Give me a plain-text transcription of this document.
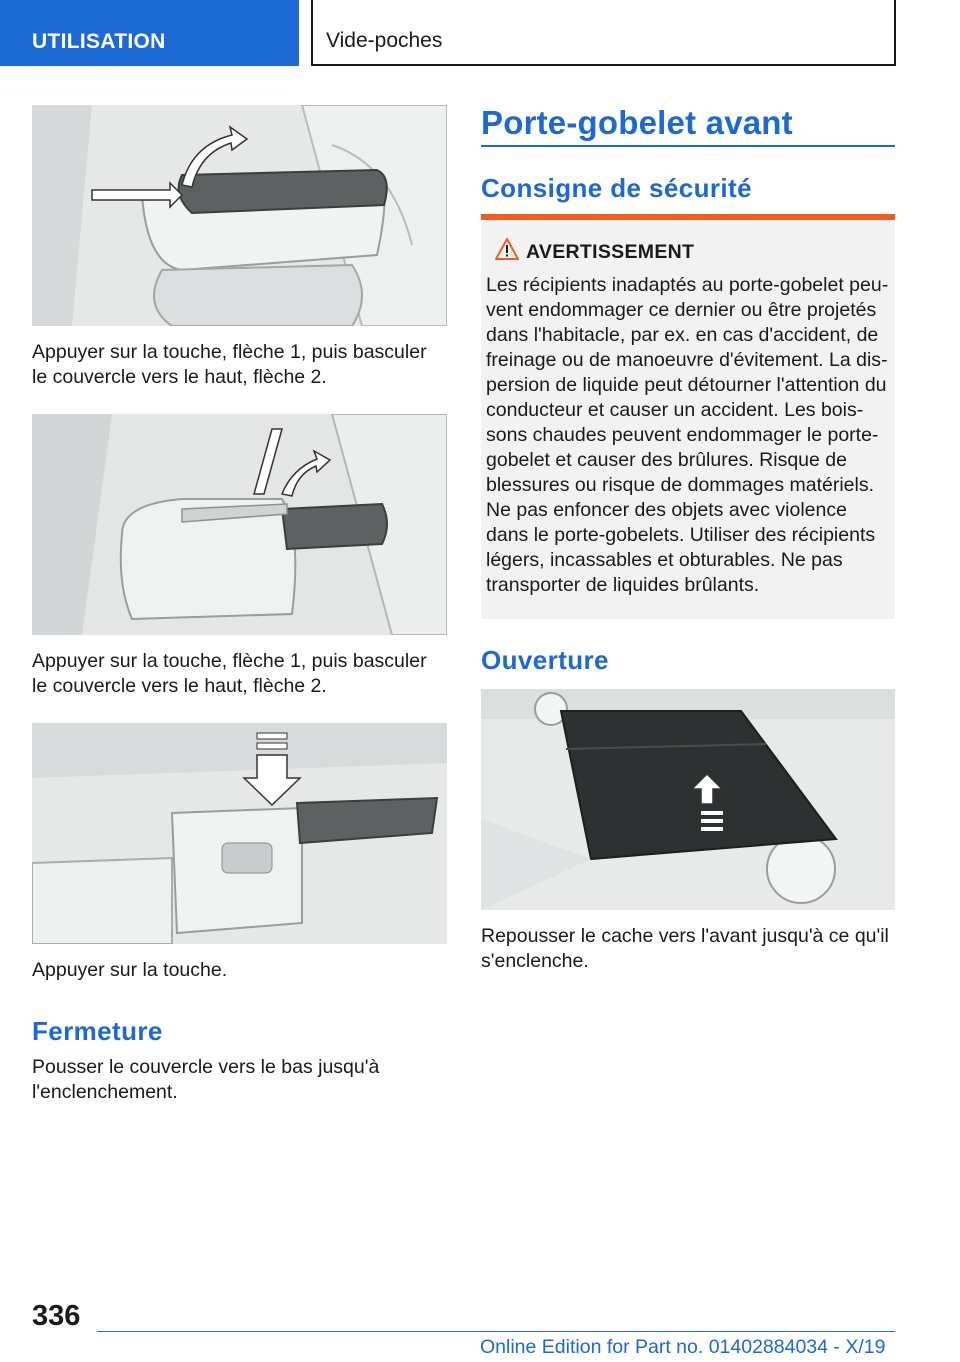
UTILISATION	Vide-poches
Appuyer sur la touche, flèche 1, puis basculer le couvercle vers le haut, flèche 2.
Appuyer sur la touche, flèche 1, puis basculer le couvercle vers le haut, flèche 2.
Appuyer sur la touche.
Fermeture
Pousser le couvercle vers le bas jusqu'à l'enclenchement.
Porte-gobelet avant
Consigne de sécurité
AVERTISSEMENT
Les récipients inadaptés au porte-gobelet peuvent endommager ce dernier ou être projetés dans l'habitacle, par ex. en cas d'accident, de freinage ou de manoeuvre d'évitement. La dispersion de liquide peut détourner l'attention du conducteur et causer un accident. Les boissons chaudes peuvent endommager le porte-gobelet et causer des brûlures. Risque de blessures ou risque de dommages matériels. Ne pas enfoncer des objets avec violence dans le porte-gobelets. Utiliser des récipients légers, incassables et obturables. Ne pas transporter de liquides brûlants.
Ouverture
Repousser le cache vers l'avant jusqu'à ce qu'il s'enclenche.
336
Online Edition for Part no. 01402884034 - X/19
